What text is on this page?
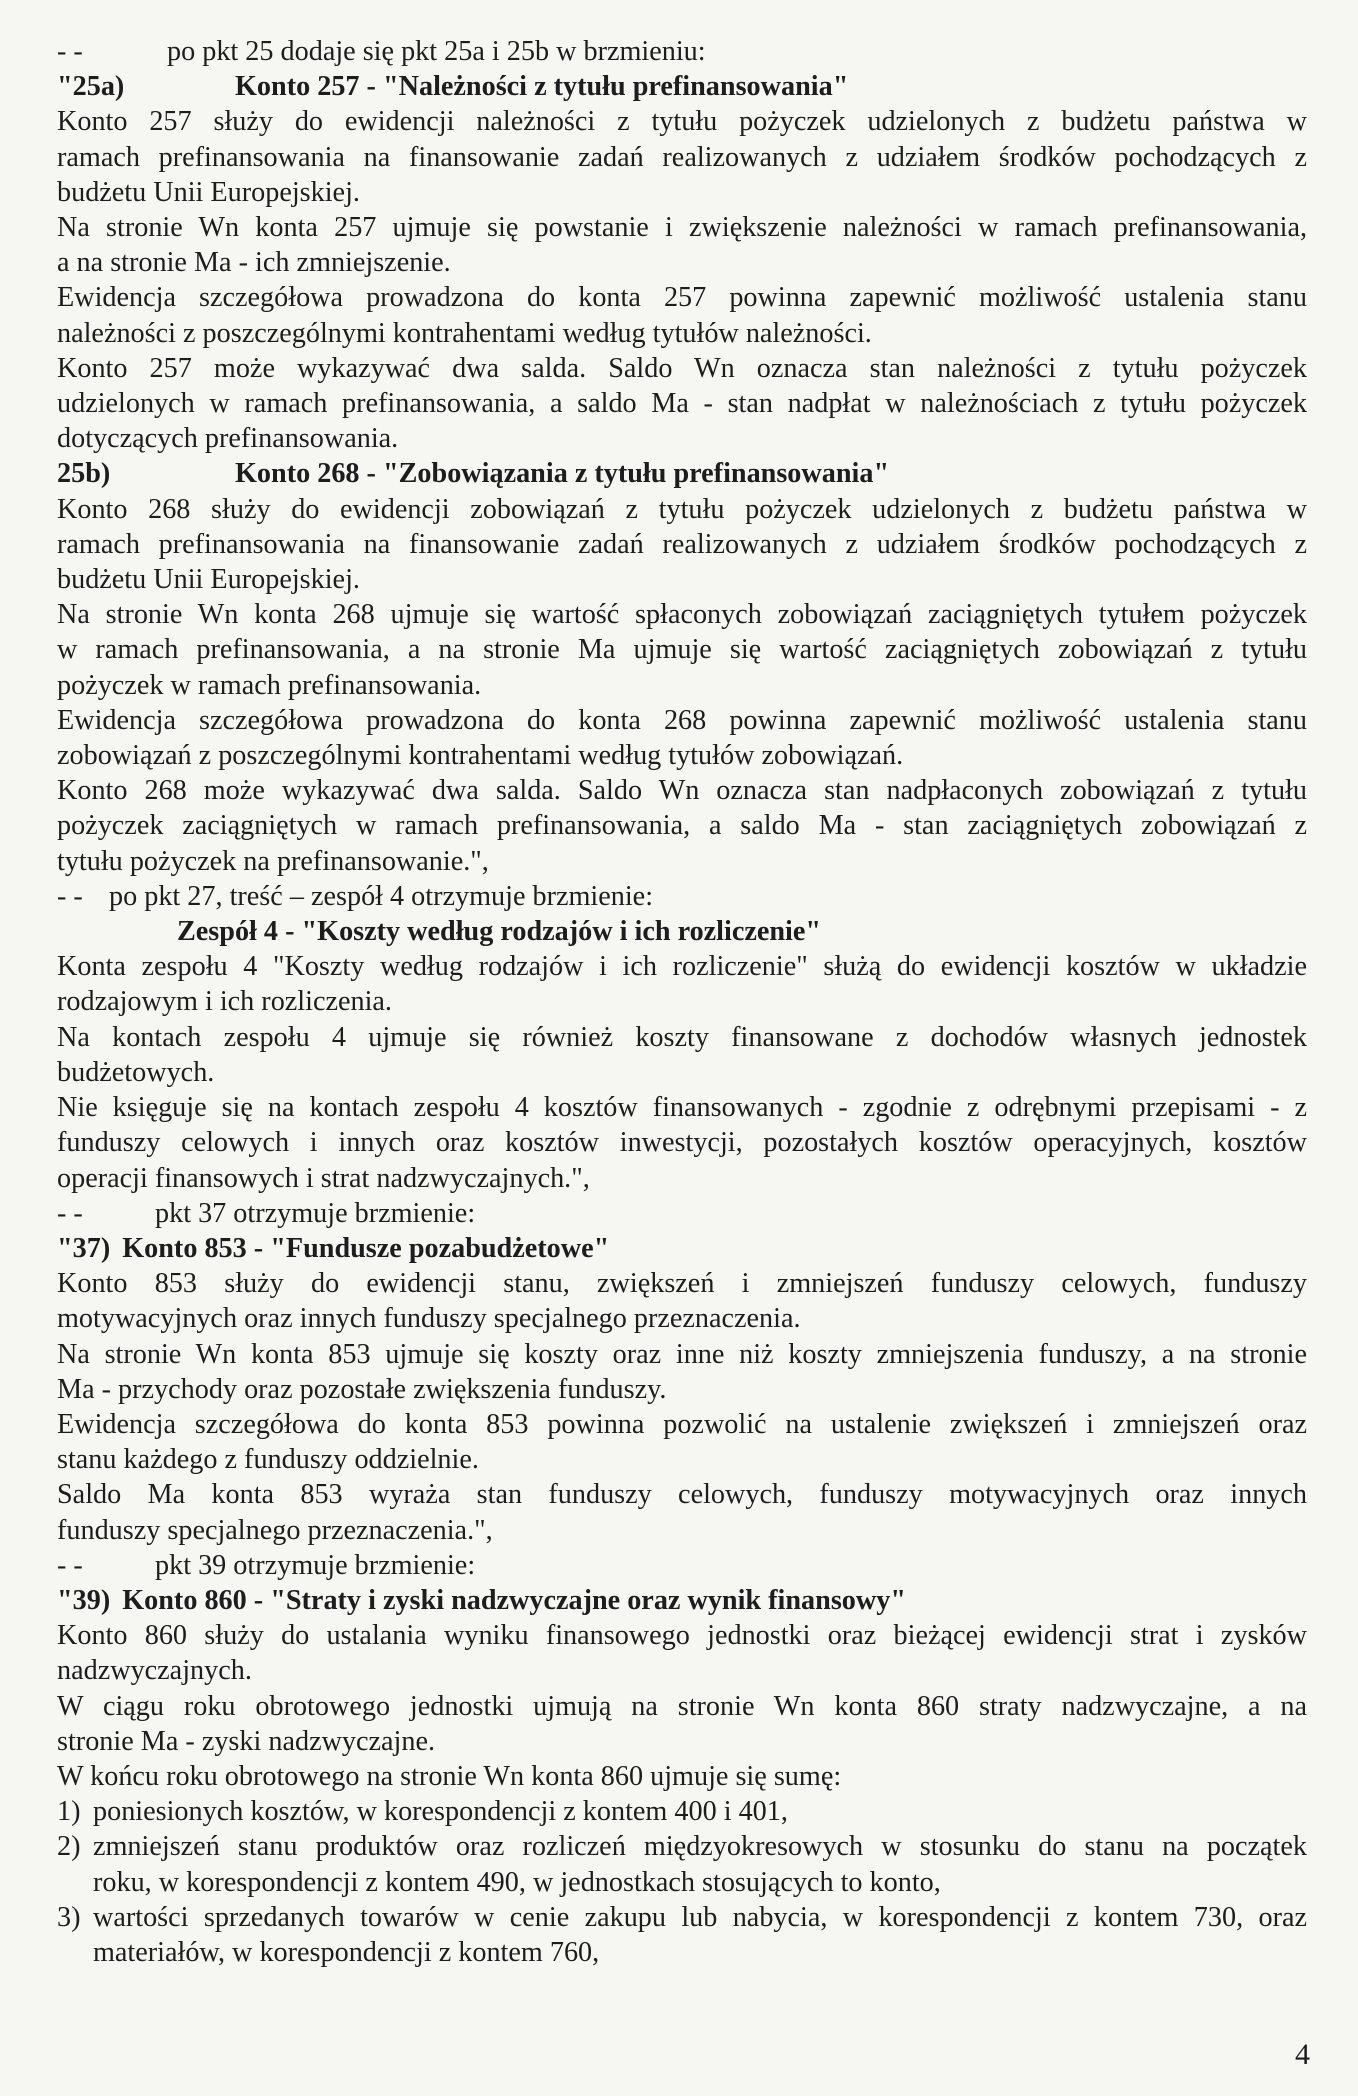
- -	po pkt 25 dodaje się pkt 25a i 25b w brzmieniu:
"25a)	Konto 257 - "Należności z tytułu prefinansowania"
Konto 257 służy do ewidencji należności z tytułu pożyczek udzielonych z budżetu państwa w
ramach prefinansowania na finansowanie zadań realizowanych z udziałem środków pochodzących z
budżetu Unii Europejskiej.
Na stronie Wn konta 257 ujmuje się powstanie i zwiększenie należności w ramach prefinansowania,
a na stronie Ma - ich zmniejszenie.
Ewidencja szczegółowa prowadzona do konta 257 powinna zapewnić możliwość ustalenia stanu
należności z poszczególnymi kontrahentami według tytułów należności.
Konto 257 może wykazywać dwa salda. Saldo Wn oznacza stan należności z tytułu pożyczek
udzielonych w ramach prefinansowania, a saldo Ma - stan nadpłat w należnościach z tytułu pożyczek
dotyczących prefinansowania.
25b)	Konto 268 - "Zobowiązania z tytułu prefinansowania"
Konto 268 służy do ewidencji zobowiązań z tytułu pożyczek udzielonych z budżetu państwa w
ramach prefinansowania na finansowanie zadań realizowanych z udziałem środków pochodzących z
budżetu Unii Europejskiej.
Na stronie Wn konta 268 ujmuje się wartość spłaconych zobowiązań zaciągniętych tytułem pożyczek
w ramach prefinansowania, a na stronie Ma ujmuje się wartość zaciągniętych zobowiązań z tytułu
pożyczek w ramach prefinansowania.
Ewidencja szczegółowa prowadzona do konta 268 powinna zapewnić możliwość ustalenia stanu
zobowiązań z poszczególnymi kontrahentami według tytułów zobowiązań.
Konto 268 może wykazywać dwa salda. Saldo Wn oznacza stan nadpłaconych zobowiązań z tytułu
pożyczek zaciągniętych w ramach prefinansowania, a saldo Ma - stan zaciągniętych zobowiązań z
tytułu pożyczek na prefinansowanie.",
- - po pkt 27, treść – zespół 4 otrzymuje brzmienie:
Zespół 4 - "Koszty według rodzajów i ich rozliczenie"
Konta zespołu 4 "Koszty według rodzajów i ich rozliczenie" służą do ewidencji kosztów w układzie
rodzajowym i ich rozliczenia.
Na kontach zespołu 4 ujmuje się również koszty finansowane z dochodów własnych jednostek
budżetowych.
Nie księguje się na kontach zespołu 4 kosztów finansowanych - zgodnie z odrębnymi przepisami - z
funduszy celowych i innych oraz kosztów inwestycji, pozostałych kosztów operacyjnych, kosztów
operacji finansowych i strat nadzwyczajnych.",
- -	pkt 37 otrzymuje brzmienie:
"37) Konto 853 - "Fundusze pozabudżetowe"
Konto 853 służy do ewidencji stanu, zwiększeń i zmniejszeń funduszy celowych, funduszy
motywacyjnych oraz innych funduszy specjalnego przeznaczenia.
Na stronie Wn konta 853 ujmuje się koszty oraz inne niż koszty zmniejszenia funduszy, a na stronie
Ma - przychody oraz pozostałe zwiększenia funduszy.
Ewidencja szczegółowa do konta 853 powinna pozwolić na ustalenie zwiększeń i zmniejszeń oraz
stanu każdego z funduszy oddzielnie.
Saldo Ma konta 853 wyraża stan funduszy celowych, funduszy motywacyjnych oraz innych
funduszy specjalnego przeznaczenia.",
- -	pkt 39 otrzymuje brzmienie:
"39) Konto 860 - "Straty i zyski nadzwyczajne oraz wynik finansowy"
Konto 860 służy do ustalania wyniku finansowego jednostki oraz bieżącej ewidencji strat i zysków
nadzwyczajnych.
W ciągu roku obrotowego jednostki ujmują na stronie Wn konta 860 straty nadzwyczajne, a na
stronie Ma - zyski nadzwyczajne.
W końcu roku obrotowego na stronie Wn konta 860 ujmuje się sumę:
1) poniesionych kosztów, w korespondencji z kontem 400 i 401,
2) zmniejszeń stanu produktów oraz rozliczeń międzyokresowych w stosunku do stanu na początek
roku, w korespondencji z kontem 490, w jednostkach stosujących to konto,
3) wartości sprzedanych towarów w cenie zakupu lub nabycia, w korespondencji z kontem 730, oraz
materiałów, w korespondencji z kontem 760,
4
